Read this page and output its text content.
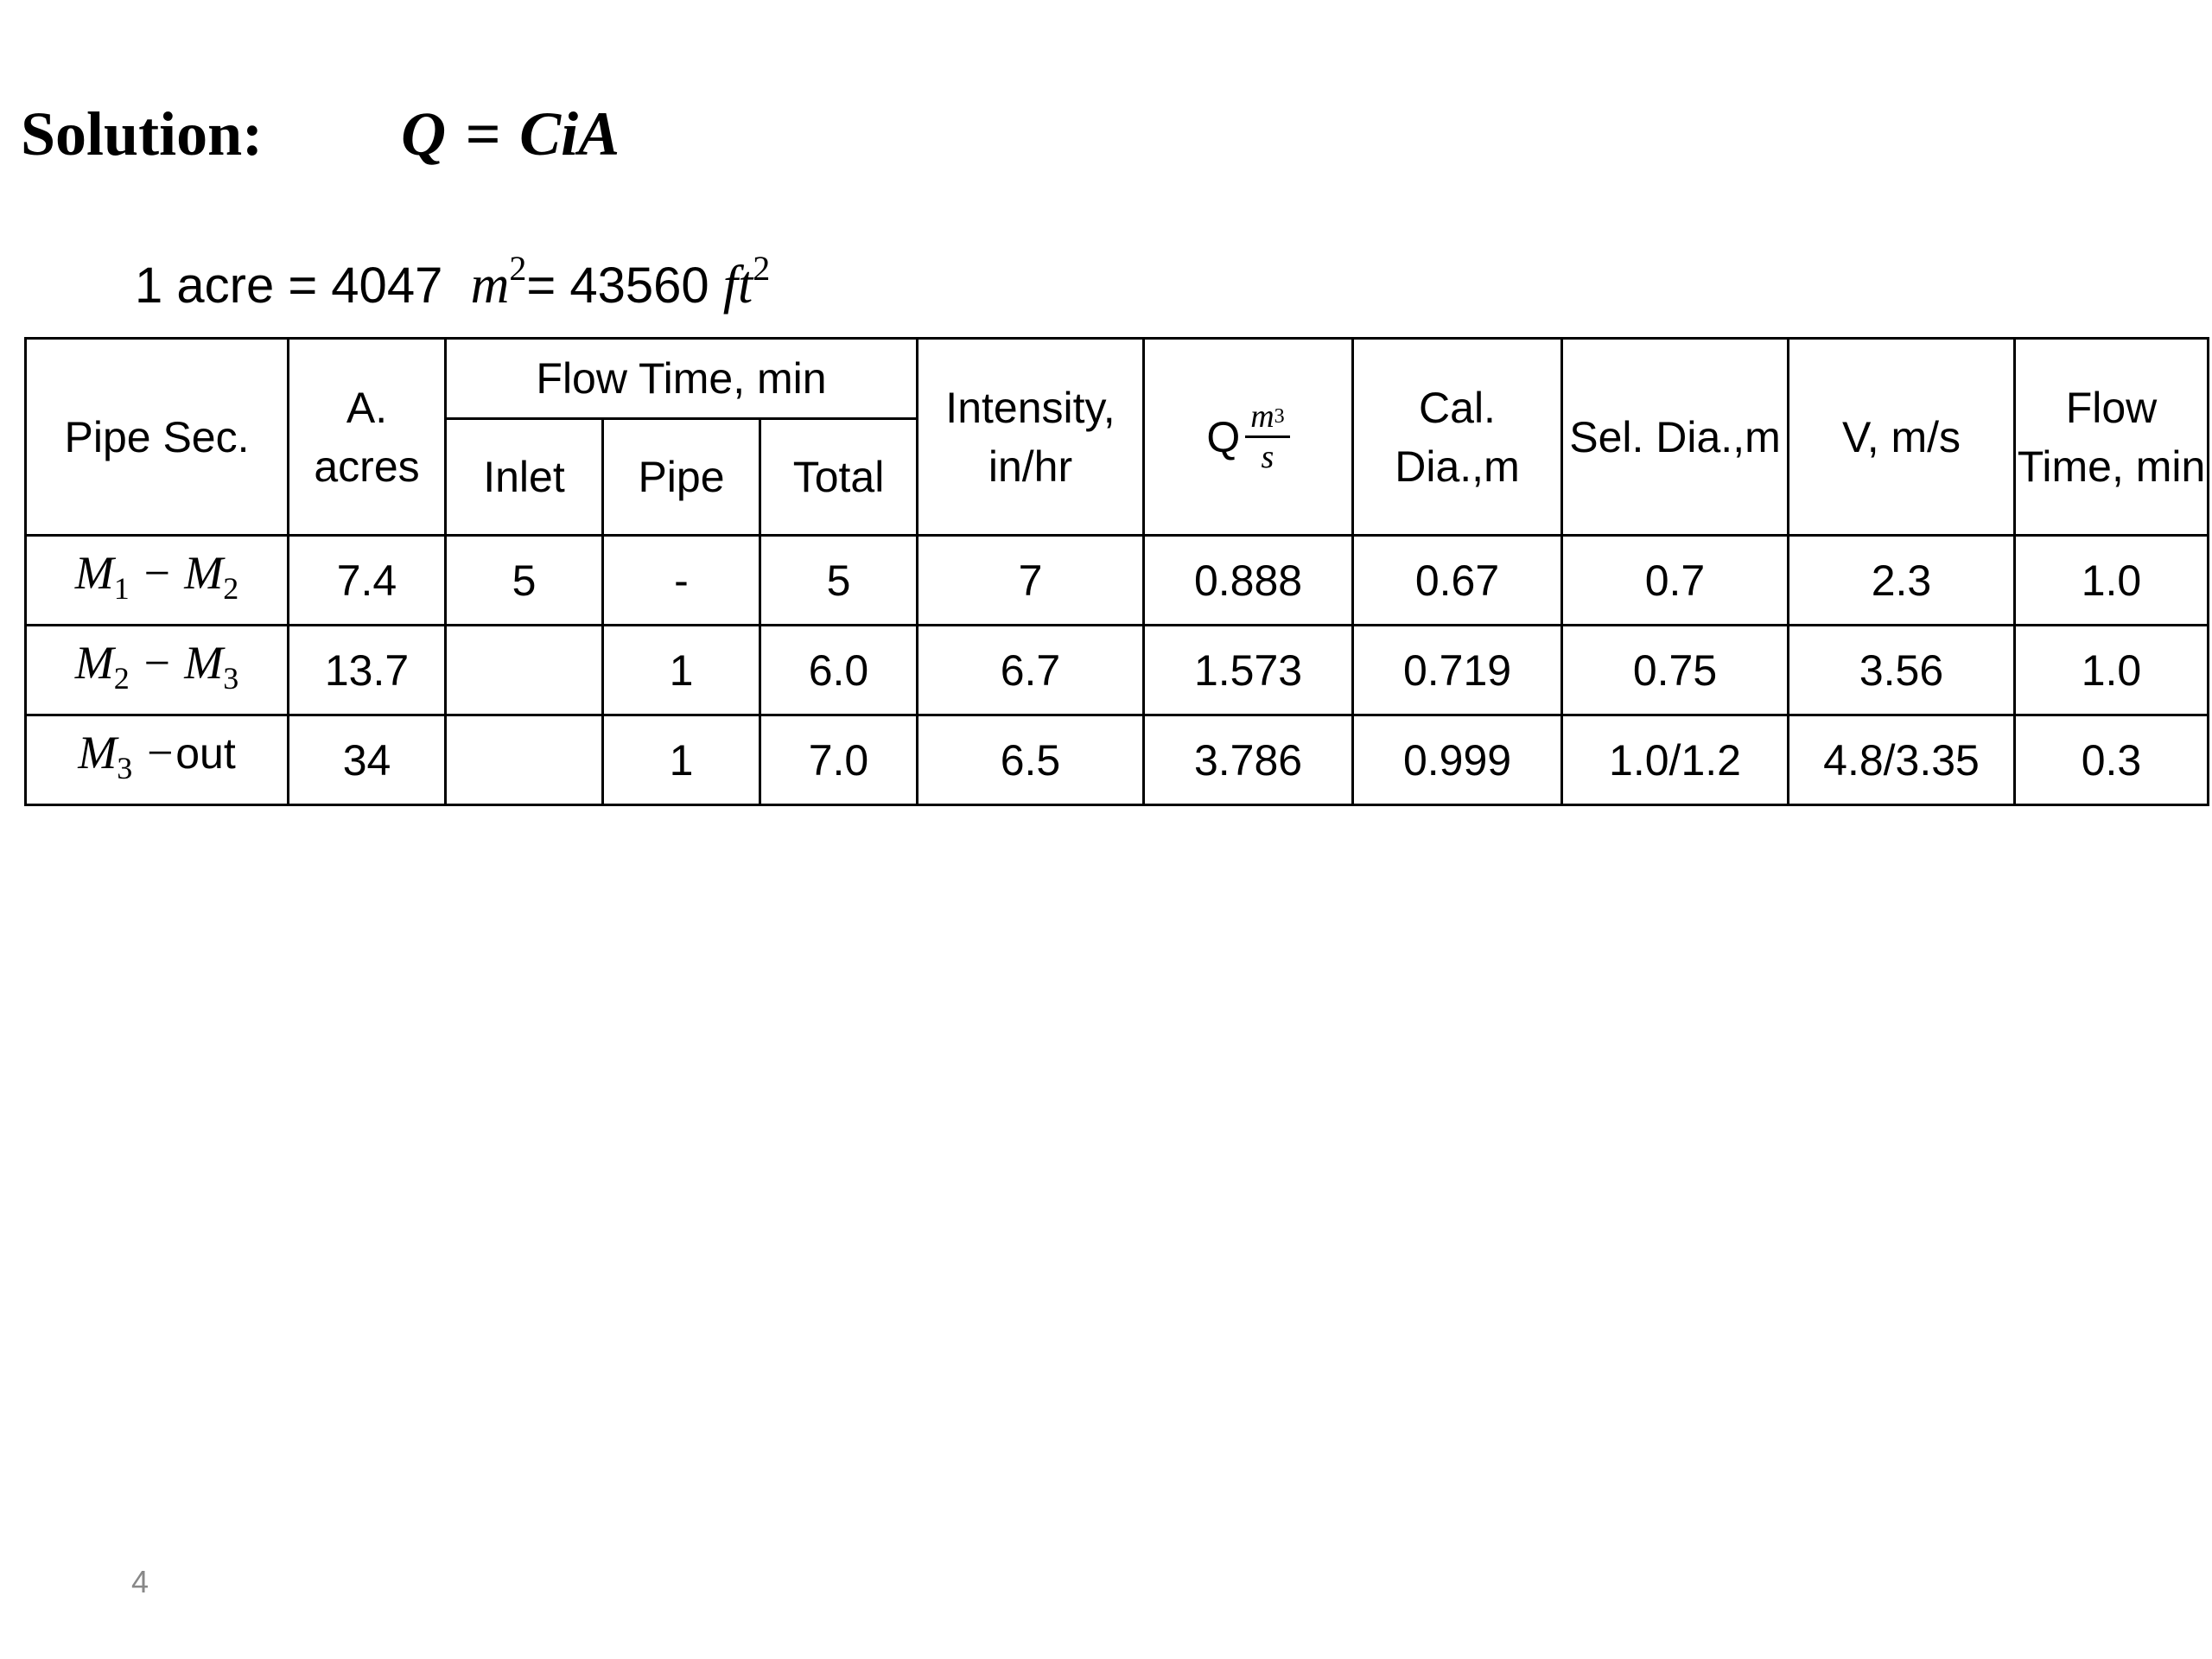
Solution: Q = CiA
1 acre = 4047 $m^2 = 43560$ $ft^2$
Pipe Sec.	A. acres	Flow Time, min			Intensity, in/hr	Q $\frac{m^3}{s}$	Cal. Dia.,m	Sel. Dia.,m	V, m/s	Flow Time, min
		Inlet	Pipe	Total						
$M_1 - M_2$	7.4	5	-	5	7	0.888	0.67	0.7	2.3	1.0
$M_2 - M_3$	13.7		1	6.0	6.7	1.573	0.719	0.75	3.56	1.0
$M_3 -out$	34		1	7.0	6.5	3.786	0.999	1.0/1.2	4.8/3.35	0.3
4
